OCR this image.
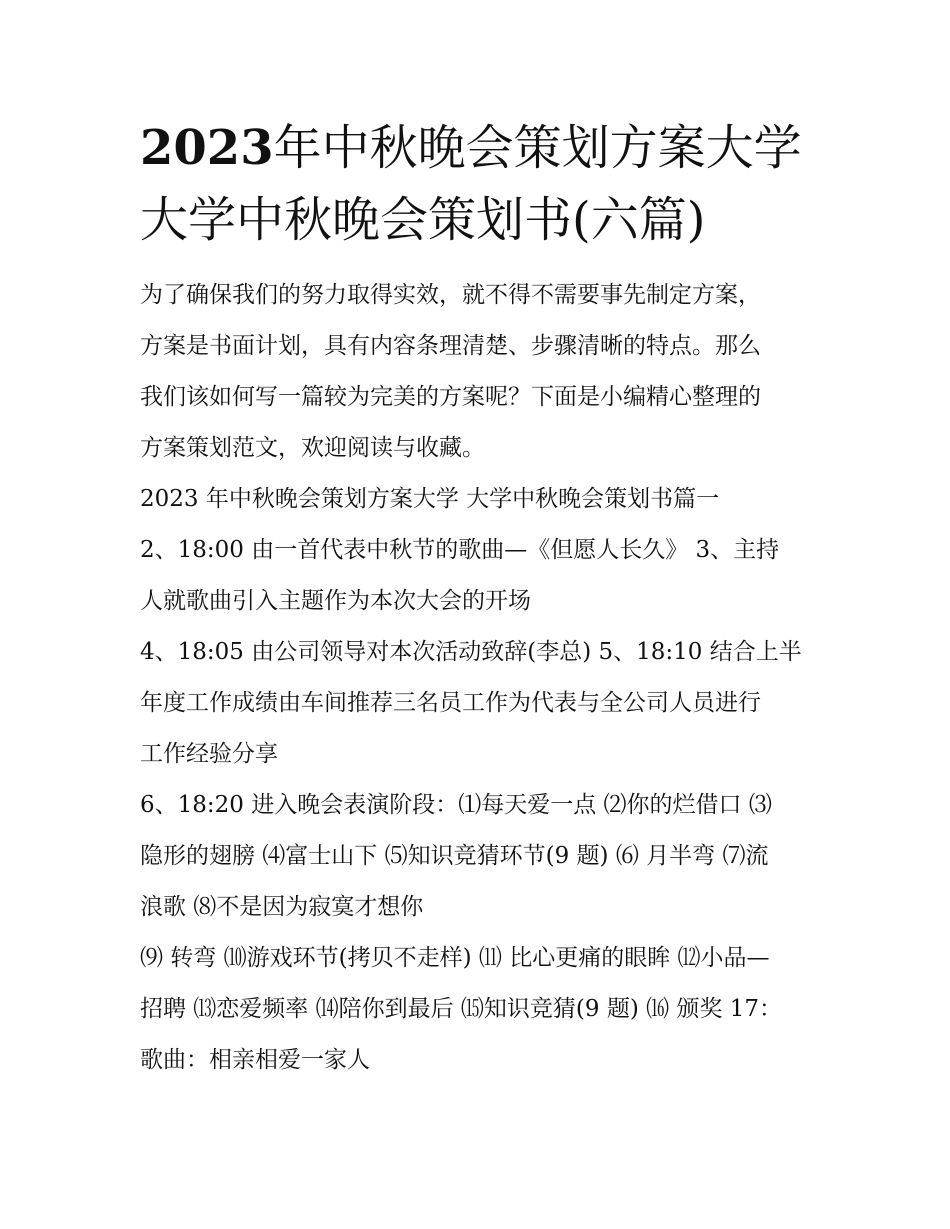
2023年中秋晚会策划方案大学
大学中秋晚会策划书(六篇)

为了确保我们的努力取得实效，就不得不需要事先制定方案，
方案是书面计划，具有内容条理清楚、步骤清晰的特点。那么
我们该如何写一篇较为完美的方案呢？下面是小编精心整理的
方案策划范文，欢迎阅读与收藏。

2023 年中秋晚会策划方案大学 大学中秋晚会策划书篇一

2、18:00 由一首代表中秋节的歌曲—《但愿人长久》 3、主持
人就歌曲引入主题作为本次大会的开场

4、18:05 由公司领导对本次活动致辞(李总) 5、18:10 结合上半
年度工作成绩由车间推荐三名员工作为代表与全公司人员进行
工作经验分享

6、18:20 进入晚会表演阶段：⑴每天爱一点 ⑵你的烂借口 ⑶
隐形的翅膀 ⑷富士山下 ⑸知识竞猜环节(9 题) ⑹ 月半弯 ⑺流
浪歌 ⑻不是因为寂寞才想你

⑼ 转弯 ⑽游戏环节(拷贝不走样) ⑾ 比心更痛的眼眸 ⑿小品—
招聘 ⒀恋爱频率 ⒁陪你到最后 ⒂知识竞猜(9 题) ⒃ 颁奖 17：
歌曲：相亲相爱一家人
